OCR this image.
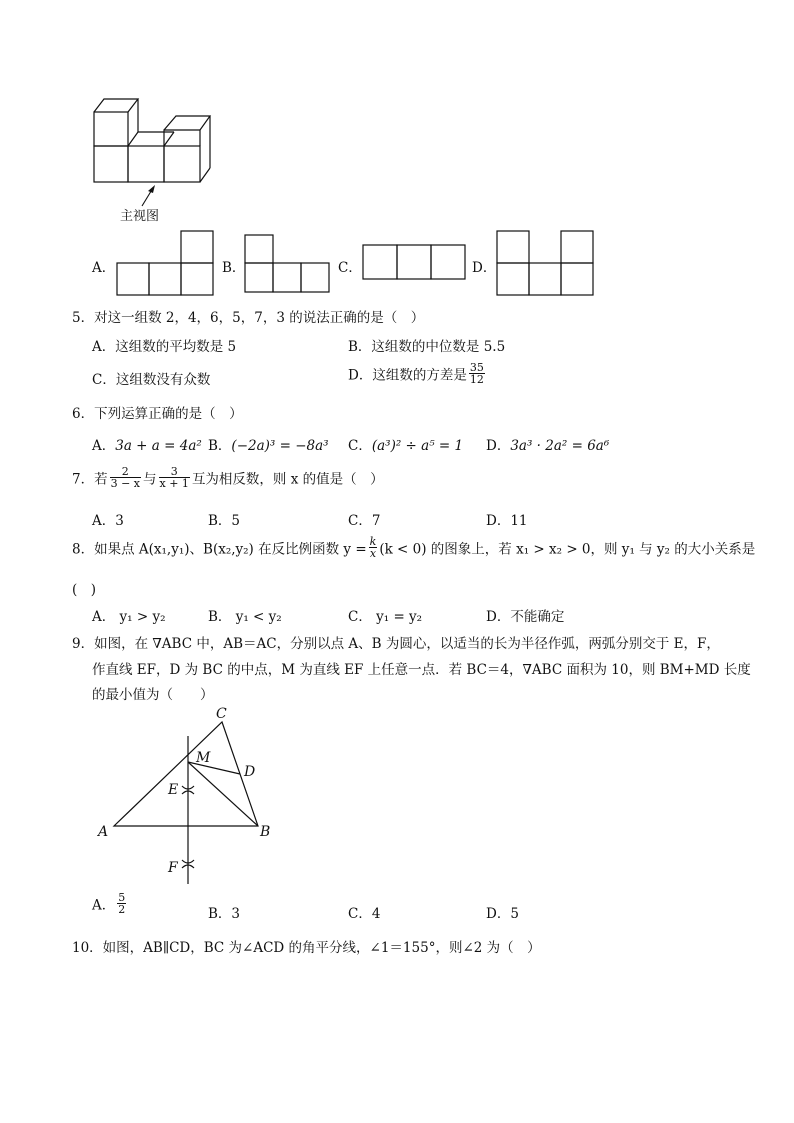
主视图
A．	B．	C．	D．
5．对这一组数 2，4，6，5，7，3 的说法正确的是（　）
A．这组数的平均数是 5	B．这组数的中位数是 5.5
C．这组数没有众数	D．这组数的方差是 $\frac{35}{12}$
6．下列运算正确的是（　）
A．3a + a = 4a² B．(−2a)³ = −8a³ C．(a³)² ÷ a⁵ = 1 D．3a³ · 2a² = 6a⁶
7．若 $\frac{2}{3 - x}$ 与 $\frac{3}{x + 1}$ 互为相反数，则 x 的值是（　）
A．3	B．5	C．7	D．11
8．如果点 A(x₁,y₁)、B(x₂,y₂) 在反比例函数 $y = \frac{k}{x} (k < 0)$ 的图象上，若 x₁ > x₂ > 0，则 y₁ 与 y₂ 的大小关系是
(　)
A． y₁ > y₂	B． y₁ < y₂	C． y₁ = y₂	D．不能确定
9．如图，在 ∇ABC 中，AB＝AC，分别以点 A、B 为圆心，以适当的长为半径作弧，两弧分别交于 E，F，
作直线 EF，D 为 BC 的中点，M 为直线 EF 上任意一点．若 BC＝4，∇ABC 面积为 10，则 BM+MD 长度
的最小值为（　　）
C
M
D
E
A	B
F
A． $\frac{5}{2}$	B．3	C．4	D．5
10．如图，AB∥CD，BC 为∠ACD 的角平分线，∠1＝155°，则∠2 为（　）
